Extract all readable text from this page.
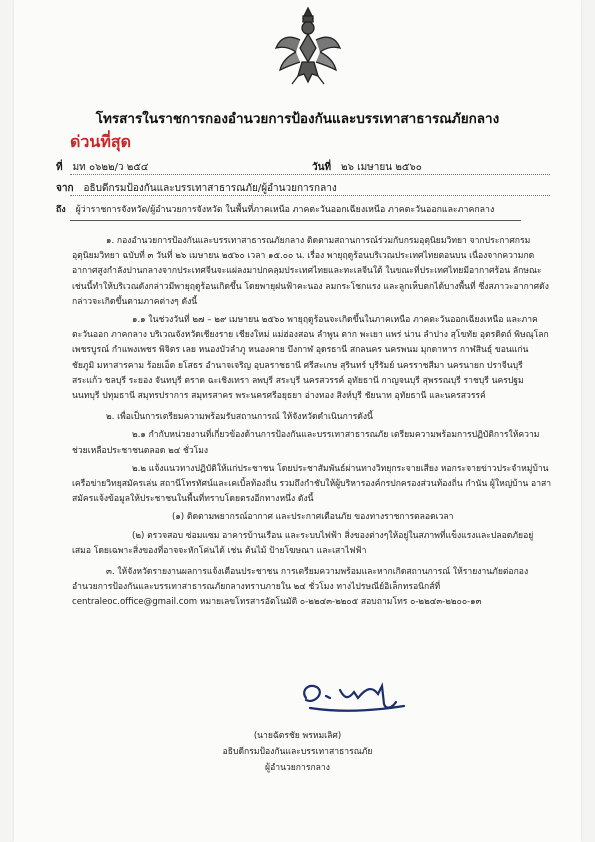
โทรสารในราชการกองอำนวยการป้องกันและบรรเทาสาธารณภัยกลาง
ด่วนที่สุด
ที่ มท ๐๖๒๒/ว ๒๕๔	วันที่ ๒๖ เมษายน ๒๕๖๐
จาก อธิบดีกรมป้องกันและบรรเทาสาธารณภัย/ผู้อำนวยการกลาง
ถึง ผู้ว่าราชการจังหวัด/ผู้อำนวยการจังหวัด ในพื้นที่ภาคเหนือ ภาคตะวันออกเฉียงเหนือ ภาคตะวันออกและภาคกลาง

๑. กองอำนวยการป้องกันและบรรเทาสาธารณภัยกลาง ติดตามสถานการณ์ร่วมกับกรมอุตุนิยมวิทยา จากประกาศกรมอุตุนิยมวิทยา ฉบับที่ ๓ วันที่ ๒๖ เมษายน ๒๕๖๐ เวลา ๑๕.๐๐ น. เรื่อง พายุฤดูร้อนบริเวณประเทศไทยตอนบน เนื่องจากความกดอากาศสูงกำลังปานกลางจากประเทศจีนจะแผ่ลงมาปกคลุมประเทศไทยและทะเลจีนใต้ ในขณะที่ประเทศไทยมีอากาศร้อน ลักษณะเช่นนี้ทำให้บริเวณดังกล่าวมีพายุฤดูร้อนเกิดขึ้น โดยพายุฝนฟ้าคะนอง ลมกระโชกแรง และลูกเห็บตกได้บางพื้นที่ ซึ่งสภาวะอากาศดังกล่าวจะเกิดขึ้นตามภาคต่างๆ ดังนี้

๑.๑ ในช่วงวันที่ ๒๗ – ๒๙ เมษายน ๒๕๖๐ พายุฤดูร้อนจะเกิดขึ้นในภาคเหนือ ภาคตะวันออกเฉียงเหนือ และภาคตะวันออก ภาคกลาง บริเวณจังหวัดเชียงราย เชียงใหม่ แม่ฮ่องสอน ลำพูน ตาก พะเยา แพร่ น่าน ลำปาง สุโขทัย อุตรดิตถ์ พิษณุโลก เพชรบูรณ์ กำแพงเพชร พิจิตร เลย หนองบัวลำภู หนองคาย บึงกาฬ อุดรธานี สกลนคร นครพนม มุกดาหาร กาฬสินธุ์ ขอนแก่น ชัยภูมิ มหาสารคาม ร้อยเอ็ด ยโสธร อำนาจเจริญ อุบลราชธานี ศรีสะเกษ สุรินทร์ บุรีรัมย์ นครราชสีมา นครนายก ปราจีนบุรี สระแก้ว ชลบุรี ระยอง จันทบุรี ตราด ฉะเชิงเทรา ลพบุรี สระบุรี นครสวรรค์ อุทัยธานี กาญจนบุรี สุพรรณบุรี ราชบุรี นครปฐม นนทบุรี ปทุมธานี สมุทรปราการ สมุทรสาคร พระนครศรีอยุธยา อ่างทอง สิงห์บุรี ชัยนาท อุทัยธานี และนครสวรรค์

๒. เพื่อเป็นการเตรียมความพร้อมรับสถานการณ์ ให้จังหวัดดำเนินการดังนี้

๒.๑ กำกับหน่วยงานที่เกี่ยวข้องด้านการป้องกันและบรรเทาสาธารณภัย เตรียมความพร้อมการปฏิบัติการให้ความช่วยเหลือประชาชนตลอด ๒๔ ชั่วโมง

๒.๒ แจ้งแนวทางปฏิบัติให้แก่ประชาชน โดยประชาสัมพันธ์ผ่านทางวิทยุกระจายเสียง หอกระจายข่าวประจำหมู่บ้าน เครือข่ายวิทยุสมัครเล่น สถานีโทรทัศน์และเคเบิ้ลท้องถิ่น รวมถึงกำชับให้ผู้บริหารองค์กรปกครองส่วนท้องถิ่น กำนัน ผู้ใหญ่บ้าน อาสาสมัครแจ้งข้อมูลให้ประชาชนในพื้นที่ทราบโดยตรงอีกทางหนึ่ง ดังนี้

(๑) ติดตามพยากรณ์อากาศ และประกาศเตือนภัย ของทางราชการตลอดเวลา

(๒) ตรวจสอบ ซ่อมแซม อาคารบ้านเรือน และระบบไฟฟ้า สิ่งของต่างๆให้อยู่ในสภาพที่แข็งแรงและปลอดภัยอยู่เสมอ โดยเฉพาะสิ่งของที่อาจจะหักโค่นได้ เช่น ต้นไม้ ป้ายโฆษณา และเสาไฟฟ้า

๓. ให้จังหวัดรายงานผลการแจ้งเตือนประชาชน การเตรียมความพร้อมและหากเกิดสถานการณ์ ให้รายงานภัยต่อกองอำนวยการป้องกันและบรรเทาสาธารณภัยกลางทราบภายใน ๒๔ ชั่วโมง ทางไปรษณีย์อิเล็กทรอนิกส์ที่ centraleoc.office@gmail.com หมายเลขโทรสารอัตโนมัติ ๐-๒๒๔๓-๒๒๐๕ สอบถามโทร ๐-๒๒๔๓-๒๒๐๐-๑๓

(นายฉัตรชัย พรหมเลิศ)
อธิบดีกรมป้องกันและบรรเทาสาธารณภัย
ผู้อำนวยการกลาง
